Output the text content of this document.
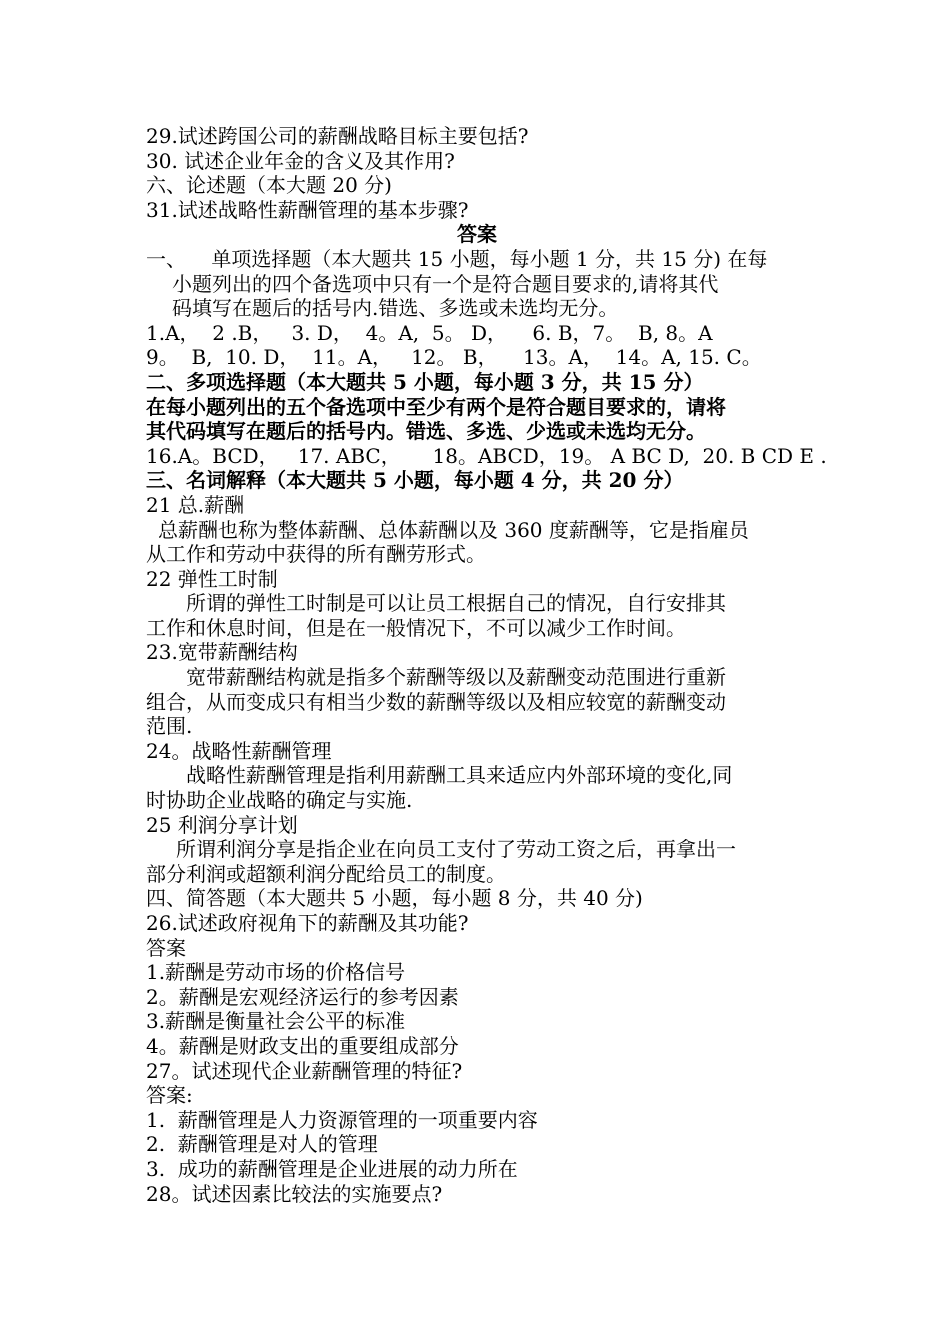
29.试述跨国公司的薪酬战略目标主要包括?
30. 试述企业年金的含义及其作用?
六、论述题（本大题 20 分)
31.试述战略性薪酬管理的基本步骤?
答案
一、    单项选择题（本大题共 15 小题，每小题 1 分，共 15 分) 在每
小题列出的四个备选项中只有一个是符合题目要求的,请将其代
码填写在题后的括号内.错选、多选或未选均无分。
1.A，  2 .B，   3. D，  4。A,  5。 D，    6. B，7。  B, 8。A
9。  B,  10. D，  11。A，   12。 B，    13。A，  14。A, 15. C。
二、多项选择题（本大题共 5 小题，每小题 3 分，共 15 分）
在每小题列出的五个备选项中至少有两个是符合题目要求的，请将
其代码填写在题后的括号内。错选、多选、少选或未选均无分。
16.A。BCD，   17. ABC，     18。ABCD，19。 A BC D,  20. B CD E .
三、名词解释（本大题共 5 小题，每小题 4 分，共 20 分）
21 总.薪酬
总薪酬也称为整体薪酬、总体薪酬以及 360 度薪酬等，它是指雇员
从工作和劳动中获得的所有酬劳形式。
22 弹性工时制
所谓的弹性工时制是可以让员工根据自己的情况，自行安排其
工作和休息时间，但是在一般情况下，不可以减少工作时间。
23.宽带薪酬结构
宽带薪酬结构就是指多个薪酬等级以及薪酬变动范围进行重新
组合，从而变成只有相当少数的薪酬等级以及相应较宽的薪酬变动
范围.
24。战略性薪酬管理
战略性薪酬管理是指利用薪酬工具来适应内外部环境的变化,同
时协助企业战略的确定与实施.
25 利润分享计划
所谓利润分享是指企业在向员工支付了劳动工资之后，再拿出一
部分利润或超额利润分配给员工的制度。
四、简答题（本大题共 5 小题，每小题 8 分，共 40 分)
26.试述政府视角下的薪酬及其功能?
答案
1.薪酬是劳动市场的价格信号
2。薪酬是宏观经济运行的参考因素
3.薪酬是衡量社会公平的标准
4。薪酬是财政支出的重要组成部分
27。试述现代企业薪酬管理的特征?
答案:
1.  薪酬管理是人力资源管理的一项重要内容
2.  薪酬管理是对人的管理
3.  成功的薪酬管理是企业进展的动力所在
28。试述因素比较法的实施要点?
